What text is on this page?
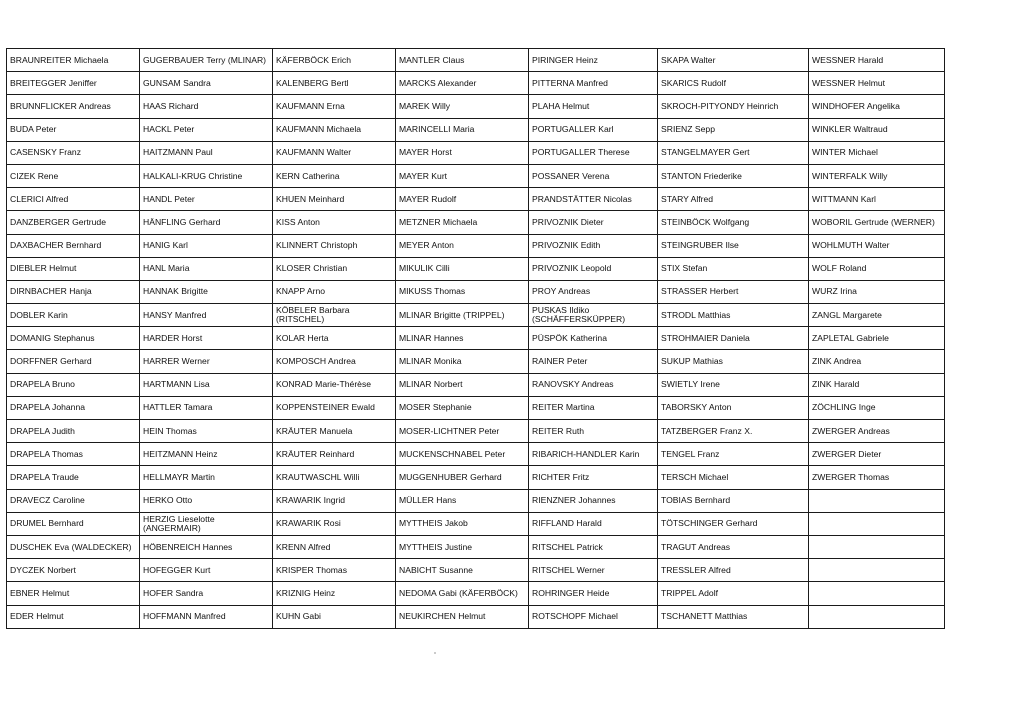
BRAUNREITER Michaela	GUGERBAUER Terry (MLINAR)	KÄFERBÖCK Erich	MANTLER Claus	PIRINGER Heinz	SKAPA Walter	WESSNER Harald
BREITEGGER Jeniffer	GUNSAM Sandra	KALENBERG Bertl	MARCKS Alexander	PITTERNA Manfred	SKARICS Rudolf	WESSNER Helmut
BRUNNFLICKER Andreas	HAAS Richard	KAUFMANN Erna	MAREK Willy	PLAHA Helmut	SKROCH-PITYONDY Heinrich	WINDHOFER Angelika
BUDA Peter	HACKL Peter	KAUFMANN Michaela	MARINCELLI Maria	PORTUGALLER Karl	SRIENZ Sepp	WINKLER Waltraud
CASENSKY Franz	HAITZMANN Paul	KAUFMANN Walter	MAYER Horst	PORTUGALLER Therese	STANGELMAYER Gert	WINTER Michael
CIZEK Rene	HALKALI-KRUG Christine	KERN Catherina	MAYER Kurt	POSSANER Verena	STANTON Friederike	WINTERFALK Willy
CLERICI Alfred	HANDL Peter	KHUEN Meinhard	MAYER Rudolf	PRANDSTÄTTER Nicolas	STARY Alfred	WITTMANN Karl
DANZBERGER Gertrude	HÄNFLING Gerhard	KISS Anton	METZNER Michaela	PRIVOZNIK Dieter	STEINBÖCK Wolfgang	WOBORIL Gertrude (WERNER)
DAXBACHER Bernhard	HANIG Karl	KLINNERT Christoph	MEYER Anton	PRIVOZNIK Edith	STEINGRUBER Ilse	WOHLMUTH Walter
DIEBLER Helmut	HANL Maria	KLOSER Christian	MIKULIK Cilli	PRIVOZNIK Leopold	STIX Stefan	WOLF Roland
DIRNBACHER Hanja	HANNAK Brigitte	KNAPP Arno	MIKUSS Thomas	PROY Andreas	STRASSER Herbert	WURZ Irina
DOBLER Karin	HANSY Manfred	KÖBELER Barbara (RITSCHEL)	MLINAR Brigitte (TRIPPEL)	PUSKAS Ildiko (SCHÄFFERSKÜPPER)	STRODL Matthias	ZANGL Margarete
DOMANIG Stephanus	HARDER Horst	KOLAR Herta	MLINAR Hannes	PÜSPÖK Katherina	STROHMAIER Daniela	ZAPLETAL Gabriele
DORFFNER Gerhard	HARRER Werner	KOMPOSCH Andrea	MLINAR Monika	RAINER Peter	SUKUP Mathias	ZINK Andrea
DRAPELA Bruno	HARTMANN Lisa	KONRAD Marie-Thérèse	MLINAR Norbert	RANOVSKY Andreas	SWIETLY Irene	ZINK Harald
DRAPELA Johanna	HATTLER Tamara	KOPPENSTEINER Ewald	MOSER Stephanie	REITER Martina	TABORSKY Anton	ZÖCHLING Inge
DRAPELA Judith	HEIN Thomas	KRÄUTER Manuela	MOSER-LICHTNER Peter	REITER Ruth	TATZBERGER Franz X.	ZWERGER Andreas
DRAPELA Thomas	HEITZMANN Heinz	KRÄUTER Reinhard	MUCKENSCHNABEL Peter	RIBARICH-HANDLER Karin	TENGEL Franz	ZWERGER Dieter
DRAPELA Traude	HELLMAYR Martin	KRAUTWASCHL Willi	MUGGENHUBER Gerhard	RICHTER Fritz	TERSCH Michael	ZWERGER Thomas
DRAVECZ Caroline	HERKO Otto	KRAWARIK Ingrid	MÜLLER Hans	RIENZNER Johannes	TOBIAS Bernhard	
DRUMEL Bernhard	HERZIG Lieselotte (ANGERMAIR)	KRAWARIK Rosi	MYTTHEIS Jakob	RIFFLAND Harald	TÖTSCHINGER Gerhard	
DUSCHEK Eva (WALDECKER)	HÖBENREICH Hannes	KRENN Alfred	MYTTHEIS Justine	RITSCHEL Patrick	TRAGUT Andreas	
DYCZEK Norbert	HOFEGGER Kurt	KRISPER Thomas	NABICHT Susanne	RITSCHEL Werner	TRESSLER Alfred	
EBNER Helmut	HOFER Sandra	KRIZNIG Heinz	NEDOMA Gabi (KÄFERBÖCK)	ROHRINGER Heide	TRIPPEL Adolf	
EDER Helmut	HOFFMANN Manfred	KUHN Gabi	NEUKIRCHEN Helmut	ROTSCHOPF Michael	TSCHANETT Matthias	
